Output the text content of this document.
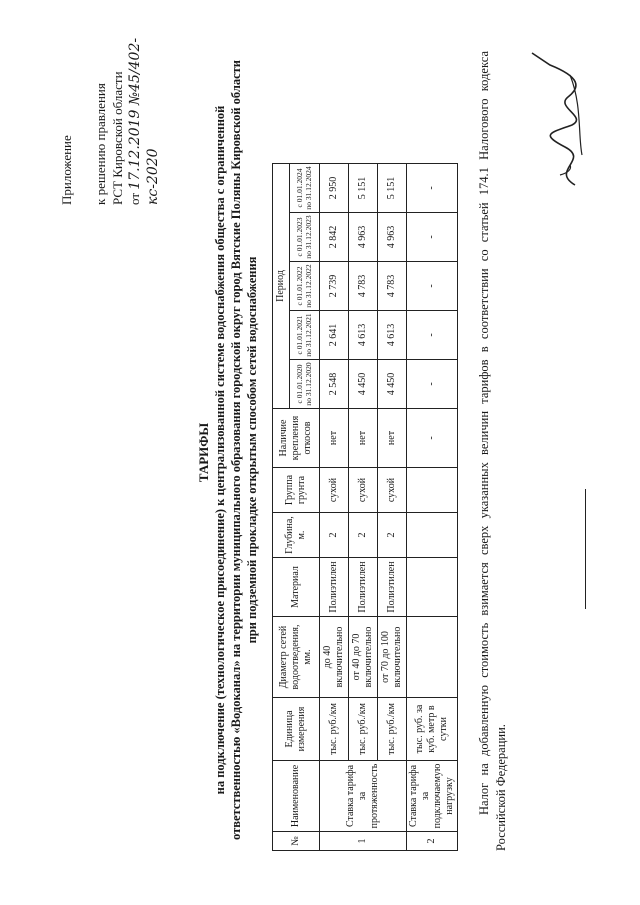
Приложение к решению правления РСТ Кировской области от 17.12.2019 №45/402-кс-2020
ТАРИФЫ на подключение (технологическое присоединение) к централизованной системе водоснабжения общества с ограниченной ответственностью «Водоканал» на территории муниципального образования городской округ город Вятские Поляны Кировской области при подземной прокладке открытым способом сетей водоснабжения
№	Наименование	Единица измерения	Диаметр сетей водоотведения, мм.	Материал	Глубина, м.	Группа грунта	Наличие крепления откосов	Период				
								с 01.01.2020 по 31.12.2020	с 01.01.2021 по 31.12.2021	с 01.01.2022 по 31.12.2022	с 01.01.2023 по 31.12.2023	с 01.01.2024 по 31.12.2024
1	Ставка тарифа за протяженность	тыс. руб./км	до 40 включительно	Полиэтилен	2	сухой	нет	2 548	2 641	2 739	2 842	2 950
		тыс. руб./км	от 40 до 70 включительно	Полиэтилен	2	сухой	нет	4 450	4 613	4 783	4 963	5 151
		тыс. руб./км	от 70 до 100 включительно	Полиэтилен	2	сухой	нет	4 450	4 613	4 783	4 963	5 151
2	Ставка тарифа за подключаемую нагрузку	тыс. руб. за куб. метр в сутки					-	-	-	-	-	-	Налог на добавленную стоимость взимается сверх указанных величин тарифов в соответствии со статьей 174.1 Налогового кодекса Российской Федерации.
